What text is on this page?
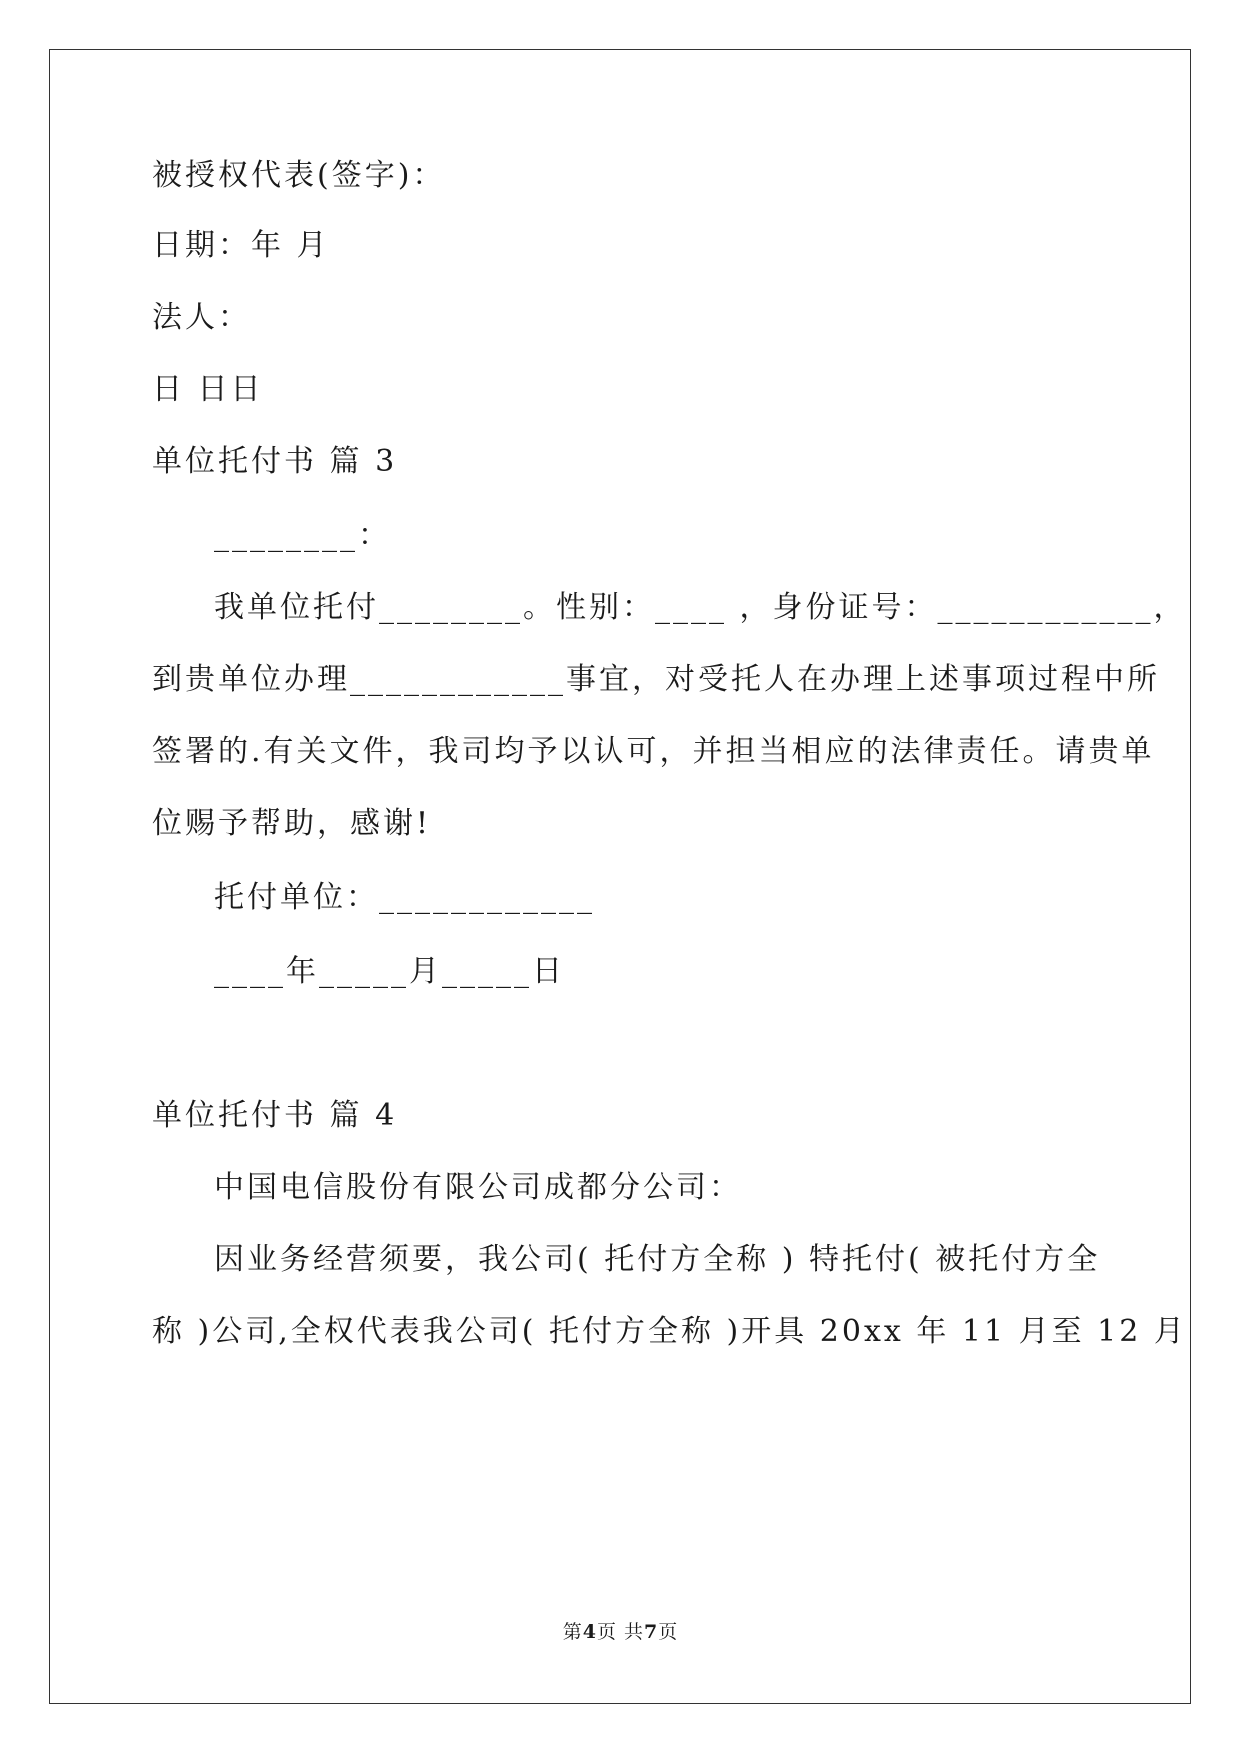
被授权代表(签字)：
日期：年 月
法人：
日 日日
单位托付书 篇 3
________：
我单位托付________。性别：____ ，身份证号：____________，
到贵单位办理____________事宜，对受托人在办理上述事项过程中所
签署的.有关文件，我司均予以认可，并担当相应的法律责任。请贵单
位赐予帮助，感谢!
托付单位：____________
____年_____月_____日
单位托付书 篇 4
中国电信股份有限公司成都分公司：
因业务经营须要，我公司( 托付方全称 ) 特托付( 被托付方全
称 )公司,全权代表我公司( 托付方全称 )开具 20xx 年 11 月至 12 月
第4页 共7页
